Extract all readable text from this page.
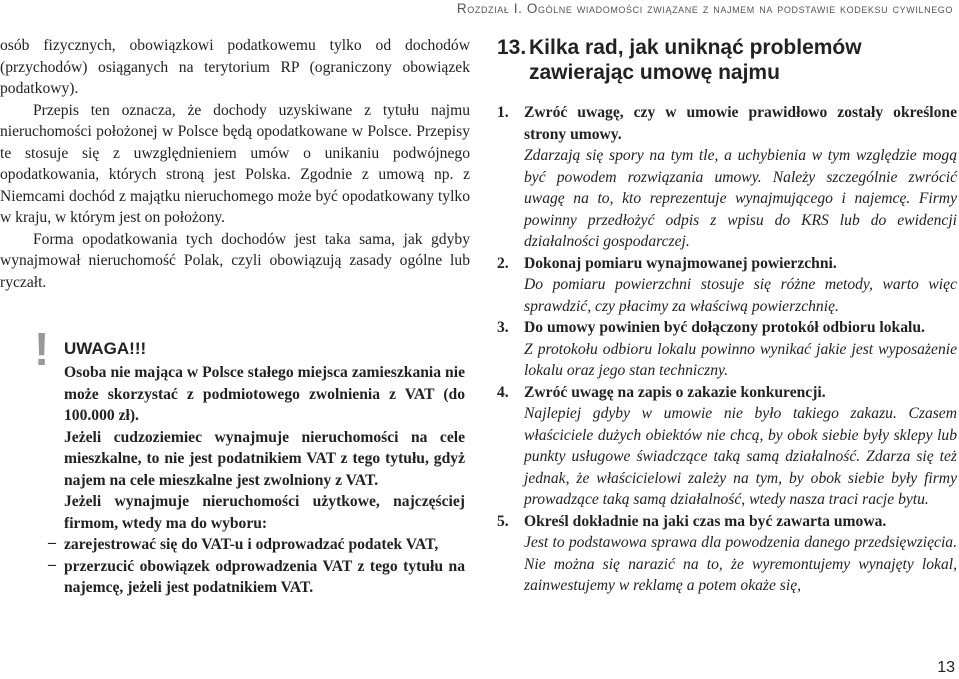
Rozdział I. Ogólne wiadomości związane z najmem na podstawie kodeksu cywilnego

osób fizycznych, obowiązkowi podatkowemu tylko od dochodów (przychodów) osiąganych na terytorium RP (ograniczony obowiązek podatkowy).

Przepis ten oznacza, że dochody uzyskiwane z tytułu najmu nieruchomości położonej w Polsce będą opodatkowane w Polsce. Przepisy te stosuje się z uwzględnieniem umów o unikaniu podwójnego opodatkowania, których stroną jest Polska. Zgodnie z umową np. z Niemcami dochód z majątku nieruchomego może być opodatkowany tylko w kraju, w którym jest on położony.

Forma opodatkowania tych dochodów jest taka sama, jak gdyby wynajmował nieruchomość Polak, czyli obowiązują zasady ogólne lub ryczałt.

! UWAGA!!!

Osoba nie mająca w Polsce stałego miejsca zamieszkania nie może skorzystać z podmiotowego zwolnienia z VAT (do 100.000 zł).

Jeżeli cudzoziemiec wynajmuje nieruchomości na cele mieszkalne, to nie jest podatnikiem VAT z tego tytułu, gdyż najem na cele mieszkalne jest zwolniony z VAT.

Jeżeli wynajmuje nieruchomości użytkowe, najczęściej firmom, wtedy ma do wyboru:

– zarejestrować się do VAT-u i odprowadzać podatek VAT,
– przerzucić obowiązek odprowadzenia VAT z tego tytułu na najemcę, jeżeli jest podatnikiem VAT.
13. Kilka rad, jak uniknąć problemów zawierając umowę najmu
1. Zwróć uwagę, czy w umowie prawidłowo zostały określone strony umowy.
Zdarzają się spory na tym tle, a uchybienia w tym względzie mogą być powodem rozwiązania umowy. Należy szczególnie zwrócić uwagę na to, kto reprezentuje wynajmującego i najemcę. Firmy powinny przedłożyć odpis z wpisu do KRS lub do ewidencji działalności gospodarczej.
2. Dokonaj pomiaru wynajmowanej powierzchni.
Do pomiaru powierzchni stosuje się różne metody, warto więc sprawdzić, czy płacimy za właściwą powierzchnię.
3. Do umowy powinien być dołączony protokół odbioru lokalu.
Z protokołu odbioru lokalu powinno wynikać jakie jest wyposażenie lokalu oraz jego stan techniczny.
4. Zwróć uwagę na zapis o zakazie konkurencji.
Najlepiej gdyby w umowie nie było takiego zakazu. Czasem właściciele dużych obiektów nie chcą, by obok siebie były sklepy lub punkty usługowe świadczące taką samą działalność. Zdarza się też jednak, że właścicielowi zależy na tym, by obok siebie były firmy prowadzące taką samą działalność, wtedy nasza traci racje bytu.
5. Określ dokładnie na jaki czas ma być zawarta umowa.
Jest to podstawowa sprawa dla powodzenia danego przedsięwzięcia. Nie można się narazić na to, że wyremontujemy wynajęty lokal, zainwestujemy w reklamę a potem okaże się,
13
